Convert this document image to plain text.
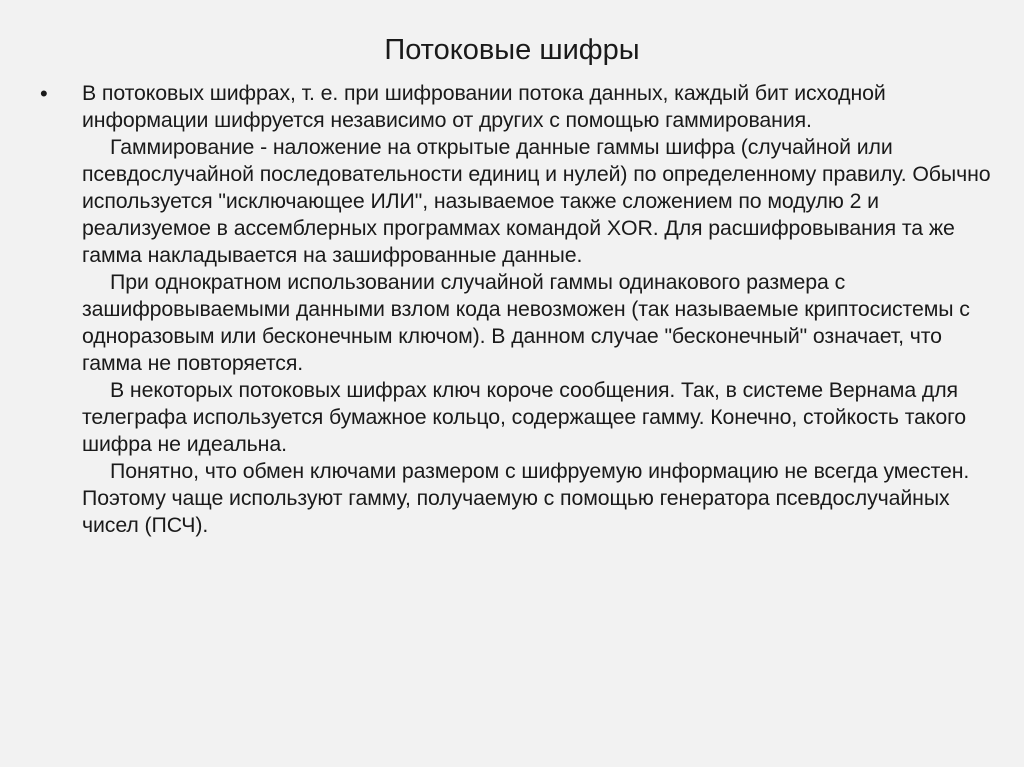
Потоковые шифры
• В потоковых шифрах, т. е. при шифровании потока данных, каждый бит исходной информации шифруется независимо от других с помощью гаммирования.
Гаммирование - наложение на открытые данные гаммы шифра (случайной или псевдослучайной последовательности единиц и нулей) по определенному правилу. Обычно используется "исключающее ИЛИ", называемое также сложением по модулю 2 и реализуемое в ассемблерных программах командой XOR. Для расшифровывания та же гамма накладывается на зашифрованные данные.
При однократном использовании случайной гаммы одинакового размера с зашифровываемыми данными взлом кода невозможен (так называемые криптосистемы с одноразовым или бесконечным ключом). В данном случае "бесконечный" означает, что гамма не повторяется.
В некоторых потоковых шифрах ключ короче сообщения. Так, в системе Вернама для телеграфа используется бумажное кольцо, содержащее гамму. Конечно, стойкость такого шифра не идеальна.
Понятно, что обмен ключами размером с шифруемую информацию не всегда уместен. Поэтому чаще используют гамму, получаемую с помощью генератора псевдослучайных чисел (ПСЧ).
